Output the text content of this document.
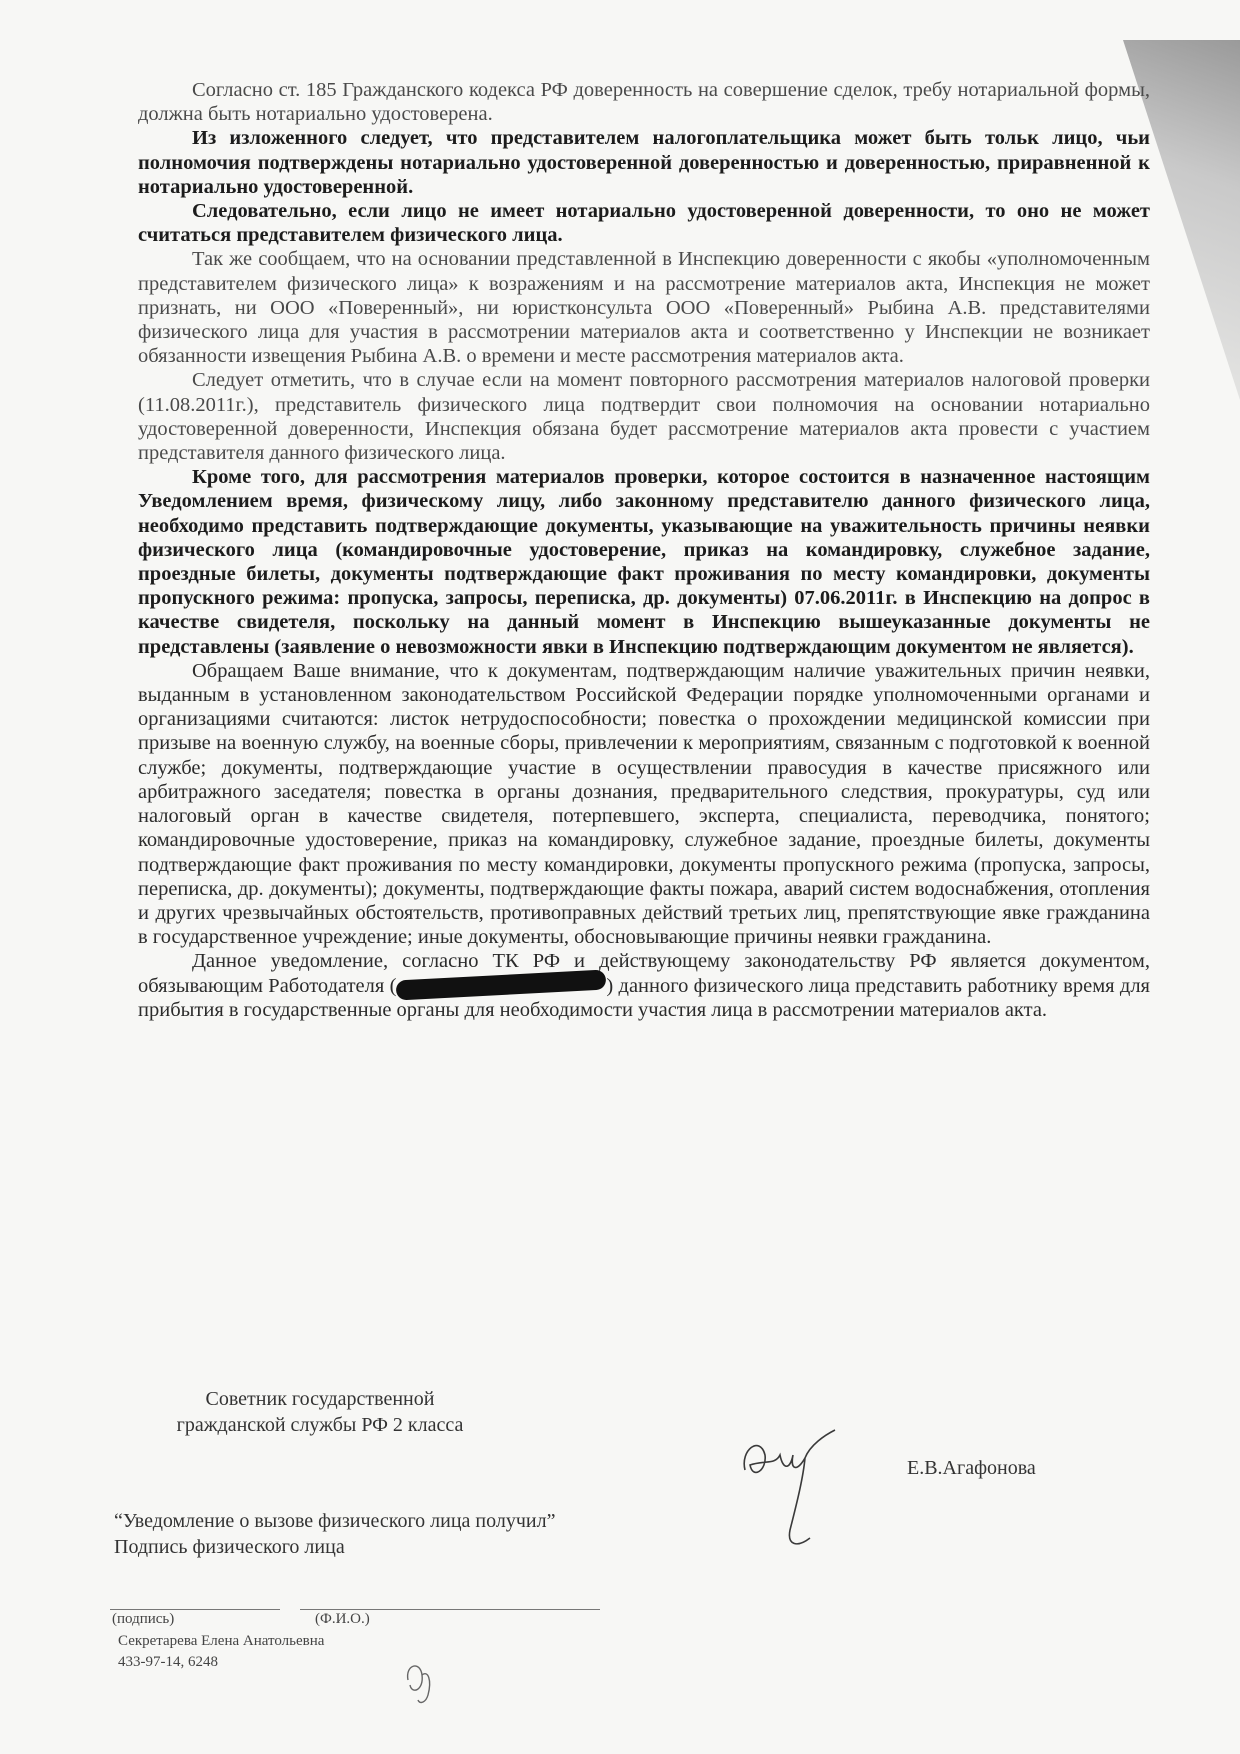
Согласно ст. 185 Гражданского кодекса РФ доверенность на совершение сделок, требу нотариальной формы, должна быть нотариально удостоверена.

Из изложенного следует, что представителем налогоплательщика может быть тольк лицо, чьи полномочия подтверждены нотариально удостоверенной доверенностью и доверенностью, приравненной к нотариально удостоверенной.

Следовательно, если лицо не имеет нотариально удостоверенной доверенности, то оно не может считаться представителем физического лица.

Так же сообщаем, что на основании представленной в Инспекцию доверенности с якобы «уполномоченным представителем физического лица» к возражениям и на рассмотрение материалов акта, Инспекция не может признать, ни ООО «Поверенный», ни юристконсульта ООО «Поверенный» Рыбина А.В. представителями физического лица для участия в рассмотрении материалов акта и соответственно у Инспекции не возникает обязанности извещения Рыбина А.В. о времени и месте рассмотрения материалов акта.

Следует отметить, что в случае если на момент повторного рассмотрения материалов налоговой проверки (11.08.2011г.), представитель физического лица подтвердит свои полномочия на основании нотариально удостоверенной доверенности, Инспекция обязана будет рассмотрение материалов акта провести с участием представителя данного физического лица.

Кроме того, для рассмотрения материалов проверки, которое состоится в назначенное настоящим Уведомлением время, физическому лицу, либо законному представителю данного физического лица, необходимо представить подтверждающие документы, указывающие на уважительность причины неявки физического лица (командировочные удостоверение, приказ на командировку, служебное задание, проездные билеты, документы подтверждающие факт проживания по месту командировки, документы пропускного режима: пропуска, запросы, переписка, др. документы) 07.06.2011г. в Инспекцию на допрос в качестве свидетеля, поскольку на данный момент в Инспекцию вышеуказанные документы не представлены (заявление о невозможности явки в Инспекцию подтверждающим документом не является).

Обращаем Ваше внимание, что к документам, подтверждающим наличие уважительных причин неявки, выданным в установленном законодательством Российской Федерации порядке уполномоченными органами и организациями считаются: листок нетрудоспособности; повестка о прохождении медицинской комиссии при призыве на военную службу, на военные сборы, привлечении к мероприятиям, связанным с подготовкой к военной службе; документы, подтверждающие участие в осуществлении правосудия в качестве присяжного или арбитражного заседателя; повестка в органы дознания, предварительного следствия, прокуратуры, суд или налоговый орган в качестве свидетеля, потерпевшего, эксперта, специалиста, переводчика, понятого; командировочные удостоверение, приказ на командировку, служебное задание, проездные билеты, документы подтверждающие факт проживания по месту командировки, документы пропускного режима (пропуска, запросы, переписка, др. документы); документы, подтверждающие факты пожара, аварий систем водоснабжения, отопления и других чрезвычайных обстоятельств, противоправных действий третьих лиц, препятствующие явке гражданина в государственное учреждение; иные документы, обосновывающие причины неявки гражданина.

Данное уведомление, согласно ТК РФ и действующему законодательству РФ является документом, обязывающим Работодателя (	) данного физического лица представить работнику время для прибытия в государственные органы для необходимости участия лица в рассмотрении материалов акта.

Советник государственной
гражданской службы РФ 2 класса
Е.В.Агафонова
“Уведомление о вызове физического лица получил”
Подпись физического лица
(подпись)	(Ф.И.О.)
Секретарева Елена Анатольевна
433-97-14, 6248
